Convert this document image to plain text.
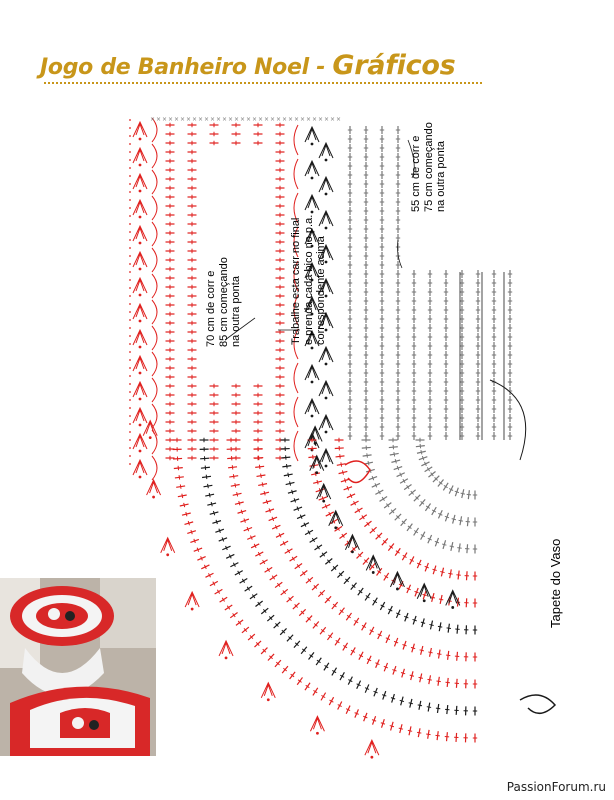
Jogo de Banheiro Noel - Gráficos
× × × × × × × × × × × × × × × × × × × × × × × × × × × × × × × ×
70 cm de corr e 85 cm começando na outra ponta	Trabalhe esta carr no final e prenda cada bico no p.a. correspondente acima
55 cm de corr e 75 cm começando na outra ponta
Tapete do Vaso
PassionForum.ru
